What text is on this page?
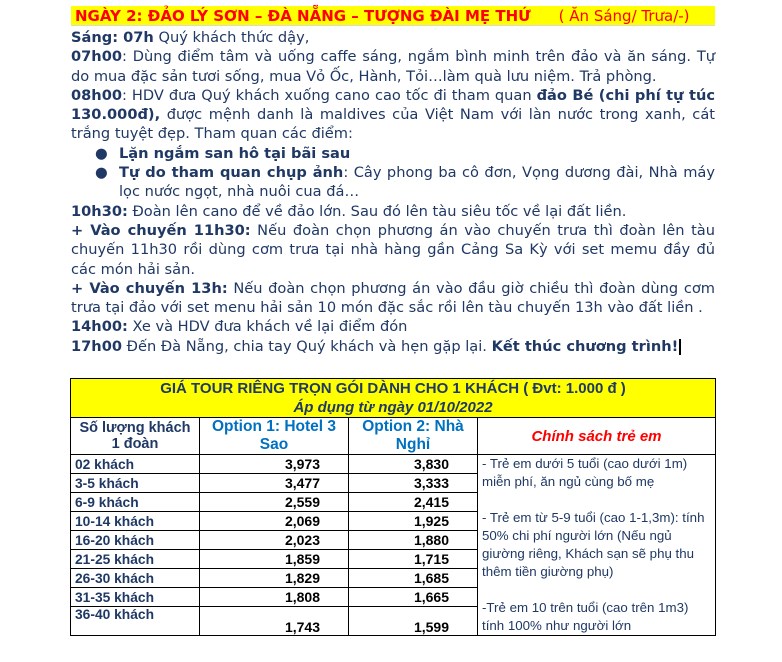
NGÀY 2: ĐẢO LÝ SƠN – ĐÀ NẴNG – TƯỢNG ĐÀI MẸ THỨ ( Ăn Sáng/ Trưa/-)

Sáng: 07h Quý khách thức dậy,

07h00: Dùng điểm tâm và uống caffe sáng, ngắm bình minh trên đảo và ăn sáng. Tự do mua đặc sản tươi sống, mua Vỏ Ốc, Hành, Tỏi…làm quà lưu niệm. Trả phòng.

08h00: HDV đưa Quý khách xuống cano cao tốc đi tham quan đảo Bé (chi phí tự túc 130.000đ), được mệnh danh là maldives của Việt Nam với làn nước trong xanh, cát trắng tuyệt đẹp. Tham quan các điểm:

● Lặn ngắm san hô tại bãi sau

● Tự do tham quan chụp ảnh: Cây phong ba cô đơn, Vọng dương đài, Nhà máy lọc nước ngọt, nhà nuôi cua đá…

10h30: Đoàn lên cano để về đảo lớn. Sau đó lên tàu siêu tốc về lại đất liền.

+ Vào chuyến 11h30: Nếu đoàn chọn phương án vào chuyến trưa thì đoàn lên tàu chuyến 11h30 rồi dùng cơm trưa tại nhà hàng gần Cảng Sa Kỳ với set memu đầy đủ các món hải sản.

+ Vào chuyến 13h: Nếu đoàn chọn phương án vào đầu giờ chiều thì đoàn dùng cơm trưa tại đảo với set menu hải sản 10 món đặc sắc rồi lên tàu chuyến 13h vào đất liền .

14h00: Xe và HDV đưa khách về lại điểm đón

17h00 Đến Đà Nẵng, chia tay Quý khách và hẹn gặp lại. Kết thúc chương trình!

GIÁ TOUR RIÊNG TRỌN GÓI DÀNH CHO 1 KHÁCH ( Đvt: 1.000 đ )			
Áp dụng từ ngày 01/10/2022			
Số lượng khách 1 đoàn	Option 1: Hotel 3 Sao	Option 2: Nhà Nghỉ	Chính sách trẻ em
02 khách	3,973	3,830	- Trẻ em dưới 5 tuổi (cao dưới 1m) miễn phí, ăn ngủ cùng bố mẹ

- Trẻ em từ 5-9 tuổi (cao 1-1,3m): tính 50% chi phí người lớn (Nếu ngủ giường riêng, Khách sạn sẽ phụ thu thêm tiền giường phụ)

-Trẻ em 10 trên tuổi (cao trên 1m3) tính 100% như người lớn

3-5 khách	3,477	3,333	
6-9 khách	2,559	2,415	
10-14 khách	2,069	1,925	
16-20 khách	2,023	1,880	
21-25 khách	1,859	1,715	
26-30 khách	1,829	1,685	
31-35 khách	1,808	1,665	
36-40 khách	1,743	1,599	
